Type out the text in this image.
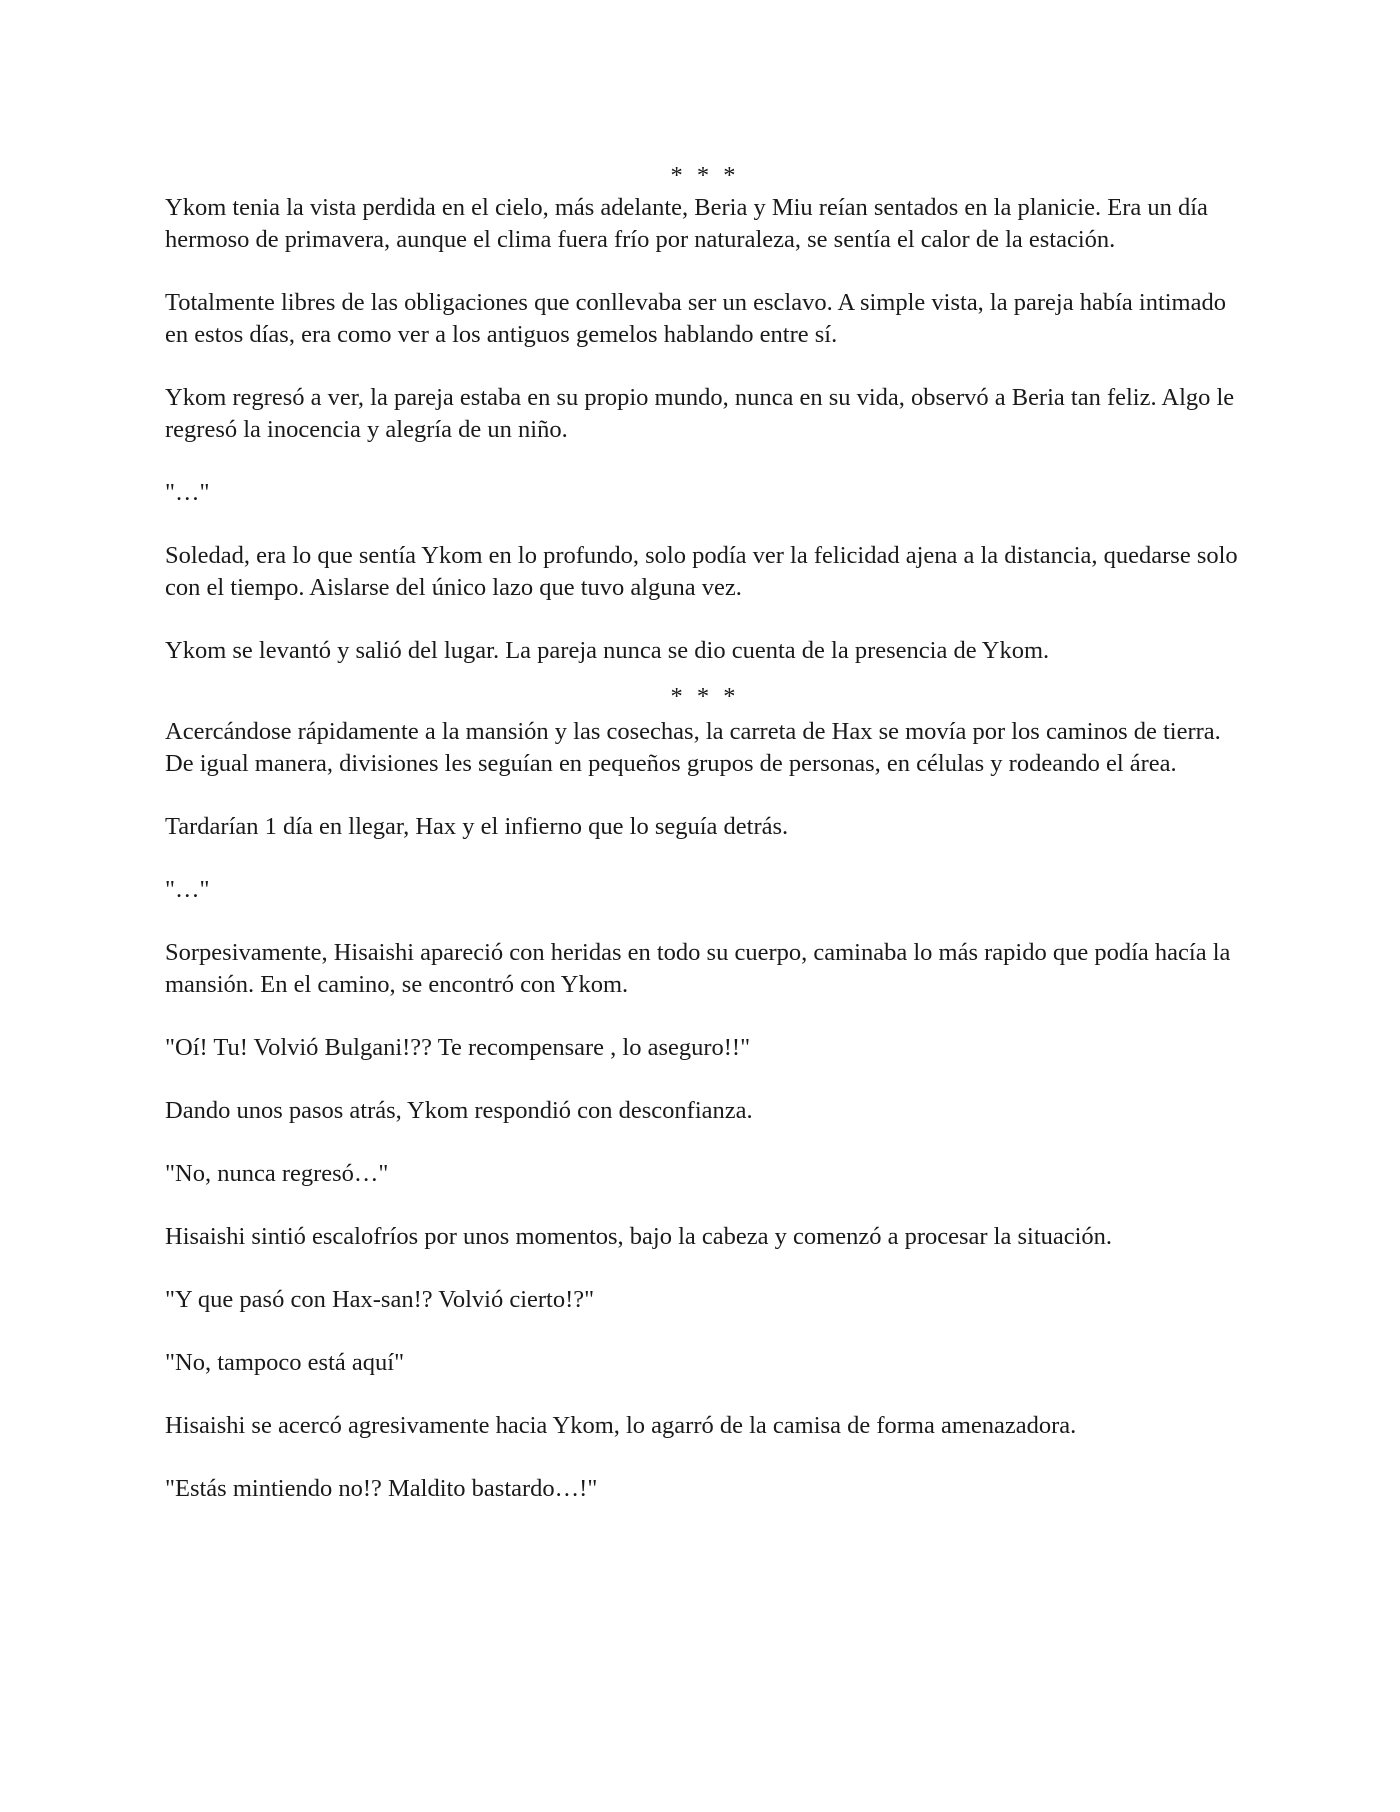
* * *

Ykom tenia la vista perdida en el cielo, más adelante, Beria y Miu reían sentados en la planicie. Era un día hermoso de primavera, aunque el clima fuera frío por naturaleza, se sentía el calor de la estación.

Totalmente libres de las obligaciones que conllevaba ser un esclavo. A simple vista, la pareja había intimado en estos días, era como ver a los antiguos gemelos hablando entre sí.

Ykom regresó a ver, la pareja estaba en su propio mundo, nunca en su vida, observó a Beria tan feliz. Algo le regresó la inocencia y alegría de un niño.

"…"

Soledad, era lo que sentía Ykom en lo profundo, solo podía ver la felicidad ajena a la distancia, quedarse solo con el tiempo. Aislarse del único lazo que tuvo alguna vez.

Ykom se levantó y salió del lugar. La pareja nunca se dio cuenta de la presencia de Ykom.

* * *

Acercándose rápidamente a la mansión y las cosechas, la carreta de Hax se movía por los caminos de tierra. De igual manera, divisiones les seguían en pequeños grupos de personas, en células y rodeando el área.

Tardarían 1 día en llegar, Hax y el infierno que lo seguía detrás.

"…"

Sorpesivamente, Hisaishi apareció con heridas en todo su cuerpo, caminaba lo más rapido que podía hacía la mansión. En el camino, se encontró con Ykom.

"Oí! Tu! Volvió Bulgani!?? Te recompensare , lo aseguro!!"

Dando unos pasos atrás, Ykom respondió con desconfianza.

"No, nunca regresó…"

Hisaishi sintió escalofríos por unos momentos, bajo la cabeza y comenzó a procesar la situación.

"Y que pasó con Hax-san!? Volvió cierto!?"

"No, tampoco está aquí"

Hisaishi se acercó agresivamente hacia Ykom, lo agarró de la camisa de forma amenazadora.

"Estás mintiendo no!? Maldito bastardo…!"
